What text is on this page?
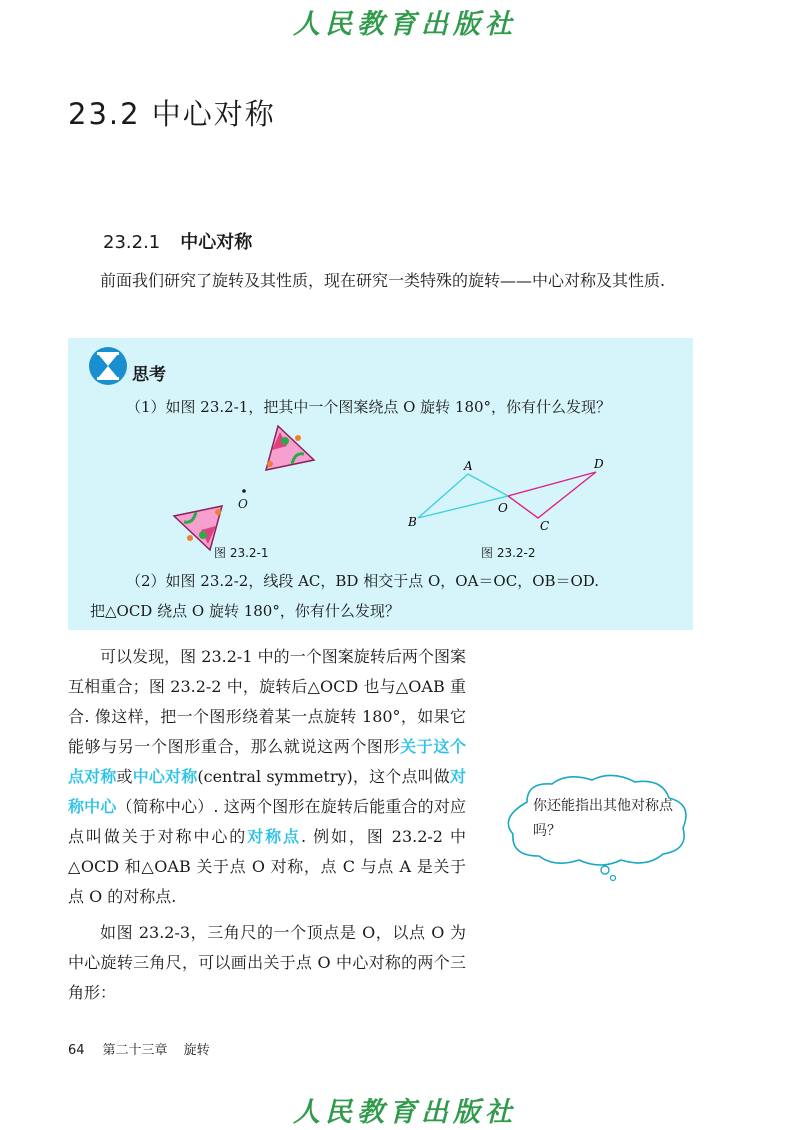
人民教育出版社
23.2 中心对称
23.2.1 中心对称
前面我们研究了旋转及其性质，现在研究一类特殊的旋转——中心对称及其性质.
思考
（1）如图 23.2-1，把其中一个图案绕点 O 旋转 180°，你有什么发现？
O
A
B	C
D
O
图 23.2-1	图 23.2-2
（2）如图 23.2-2，线段 AC，BD 相交于点 O，OA＝OC，OB＝OD.
把△OCD 绕点 O 旋转 180°，你有什么发现？

可以发现，图 23.2-1 中的一个图案旋转后两个图案互相重合；图 23.2-2 中，旋转后△OCD 也与△OAB 重合. 像这样，把一个图形绕着某一点旋转 180°，如果它能够与另一个图形重合，那么就说这两个图形关于这个点对称或中心对称(central symmetry)，这个点叫做对称中心（简称中心）. 这两个图形在旋转后能重合的对应点叫做关于对称中心的对称点. 例如，图 23.2-2 中△OCD 和△OAB 关于点 O 对称，点 C 与点 A 是关于点 O 的对称点.

如图 23.2-3，三角尺的一个顶点是 O，以点 O 为中心旋转三角尺，可以画出关于点 O 中心对称的两个三角形：

你还能指出其他对称点吗？
64 第二十三章 旋转
人民教育出版社
